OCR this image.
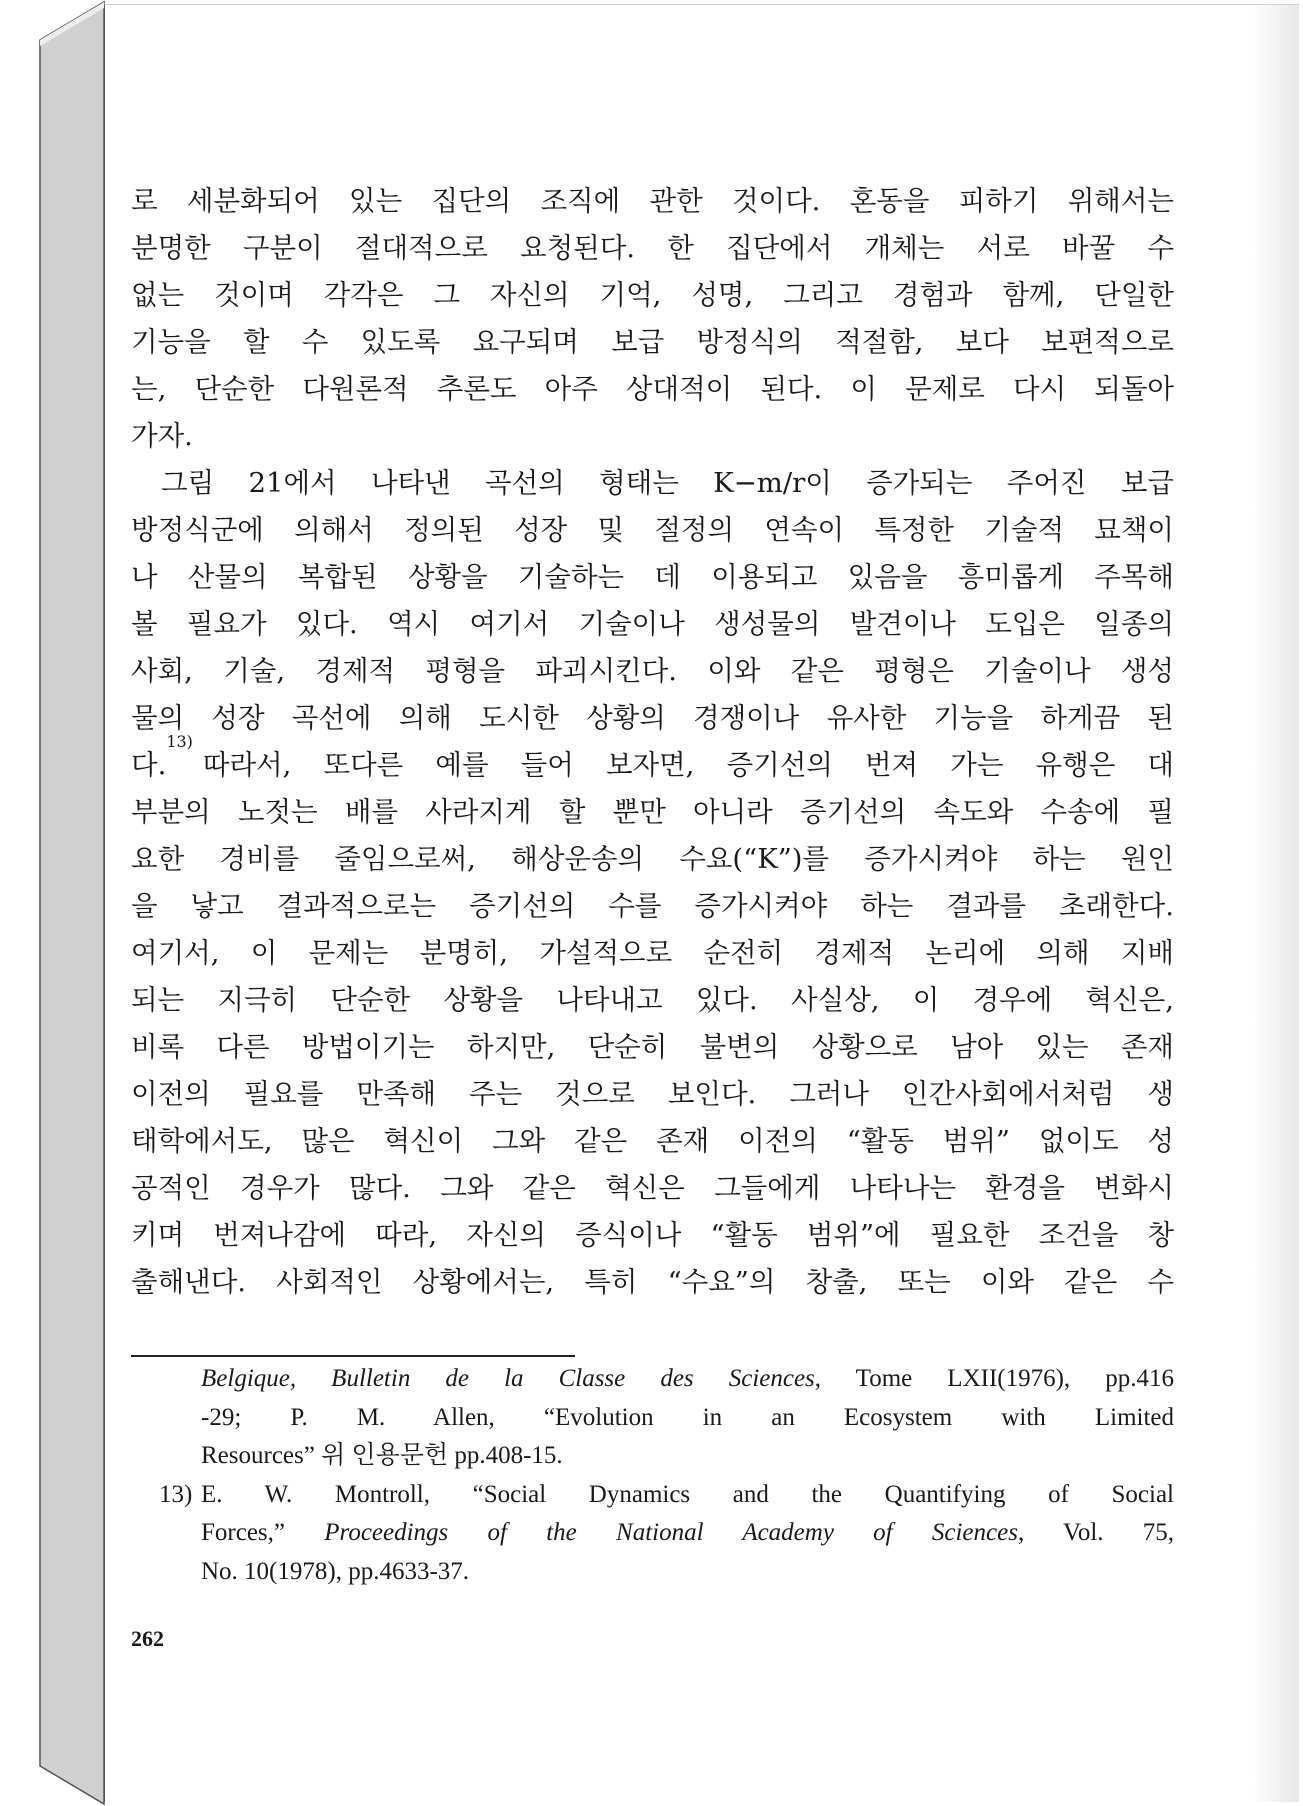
로 세분화되어 있는 집단의 조직에 관한 것이다. 혼동을 피하기 위해서는
분명한 구분이 절대적으로 요청된다. 한 집단에서 개체는 서로 바꿀 수
없는 것이며 각각은 그 자신의 기억, 성명, 그리고 경험과 함께, 단일한
기능을 할 수 있도록 요구되며 보급 방정식의 적절함, 보다 보편적으로
는, 단순한 다원론적 추론도 아주 상대적이 된다. 이 문제로 다시 되돌아
가자.
그림 21에서 나타낸 곡선의 형태는 K−m/r이 증가되는 주어진 보급
방정식군에 의해서 정의된 성장 및 절정의 연속이 특정한 기술적 묘책이
나 산물의 복합된 상황을 기술하는 데 이용되고 있음을 흥미롭게 주목해
볼 필요가 있다. 역시 여기서 기술이나 생성물의 발견이나 도입은 일종의
사회, 기술, 경제적 평형을 파괴시킨다. 이와 같은 평형은 기술이나 생성
물의 성장 곡선에 의해 도시한 상황의 경쟁이나 유사한 기능을 하게끔 된
다.
13)
따라서, 또다른 예를 들어 보자면, 증기선의 번져 가는 유행은 대
부분의 노젓는 배를 사라지게 할 뿐만 아니라 증기선의 속도와 수송에 필
요한 경비를 줄임으로써, 해상운송의 수요(“K”)를 증가시켜야 하는 원인
을 낳고 결과적으로는 증기선의 수를 증가시켜야 하는 결과를 초래한다.
여기서, 이 문제는 분명히, 가설적으로 순전히 경제적 논리에 의해 지배
되는 지극히 단순한 상황을 나타내고 있다. 사실상, 이 경우에 혁신은,
비록 다른 방법이기는 하지만, 단순히 불변의 상황으로 남아 있는 존재
이전의 필요를 만족해 주는 것으로 보인다. 그러나 인간사회에서처럼 생
태학에서도, 많은 혁신이 그와 같은 존재 이전의 “활동 범위” 없이도 성
공적인 경우가 많다. 그와 같은 혁신은 그들에게 나타나는 환경을 변화시
키며 번져나감에 따라, 자신의 증식이나 “활동 범위”에 필요한 조건을 창
출해낸다. 사회적인 상황에서는, 특히 “수요”의 창출, 또는 이와 같은 수
Belgique, Bulletin de la Classe des Sciences, Tome LXII(1976), pp.416
-29; P. M. Allen, “Evolution in an Ecosystem with Limited
Resources” 위 인용문헌 pp.408-15.
13) E. W. Montroll, “Social Dynamics and the Quantifying of Social
Forces,” Proceedings of the National Academy of Sciences, Vol. 75,
No. 10(1978), pp.4633-37.
262
